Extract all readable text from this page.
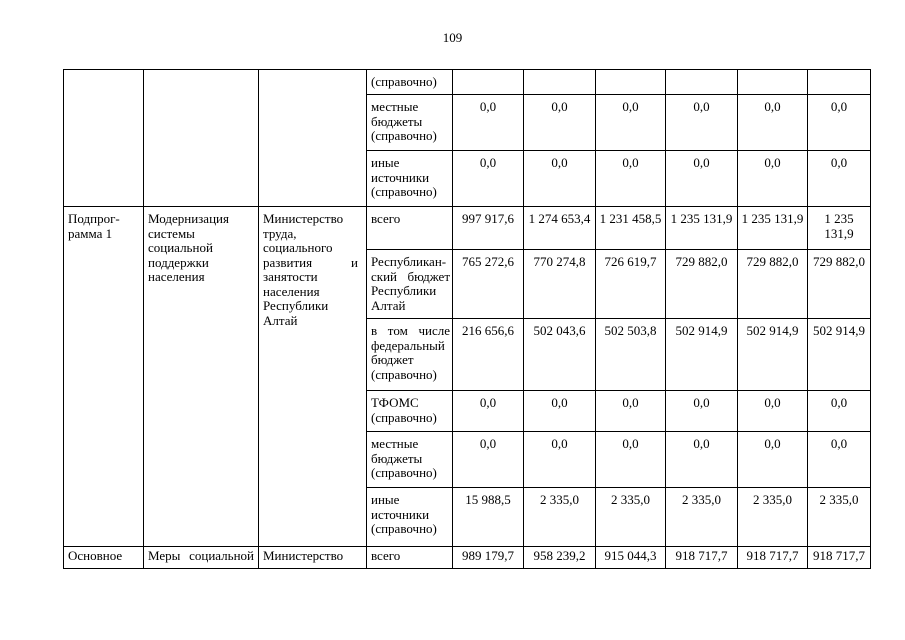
109
			(справочно)						
			местные бюджеты (справочно)	0,0	0,0	0,0	0,0	0,0	0,0
			иные источники (справочно)	0,0	0,0	0,0	0,0	0,0	0,0
Подпрог-рамма 1	Модернизация системы социальной поддержки населения	Министерство труда, социального развития и занятости населения Республики Алтай	всего	997 917,6	1 274 653,4	1 231 458,5	1 235 131,9	1 235 131,9	1 235 131,9
			Республикан-ский бюджет Республики Алтай	765 272,6	770 274,8	726 619,7	729 882,0	729 882,0	729 882,0
			в том числе федеральный бюджет (справочно)	216 656,6	502 043,6	502 503,8	502 914,9	502 914,9	502 914,9
			ТФОМС (справочно)	0,0	0,0	0,0	0,0	0,0	0,0
			местные бюджеты (справочно)	0,0	0,0	0,0	0,0	0,0	0,0
			иные источники (справочно)	15 988,5	2 335,0	2 335,0	2 335,0	2 335,0	2 335,0
Основное	Меры социальной	Министерство	всего	989 179,7	958 239,2	915 044,3	918 717,7	918 717,7	918 717,7
